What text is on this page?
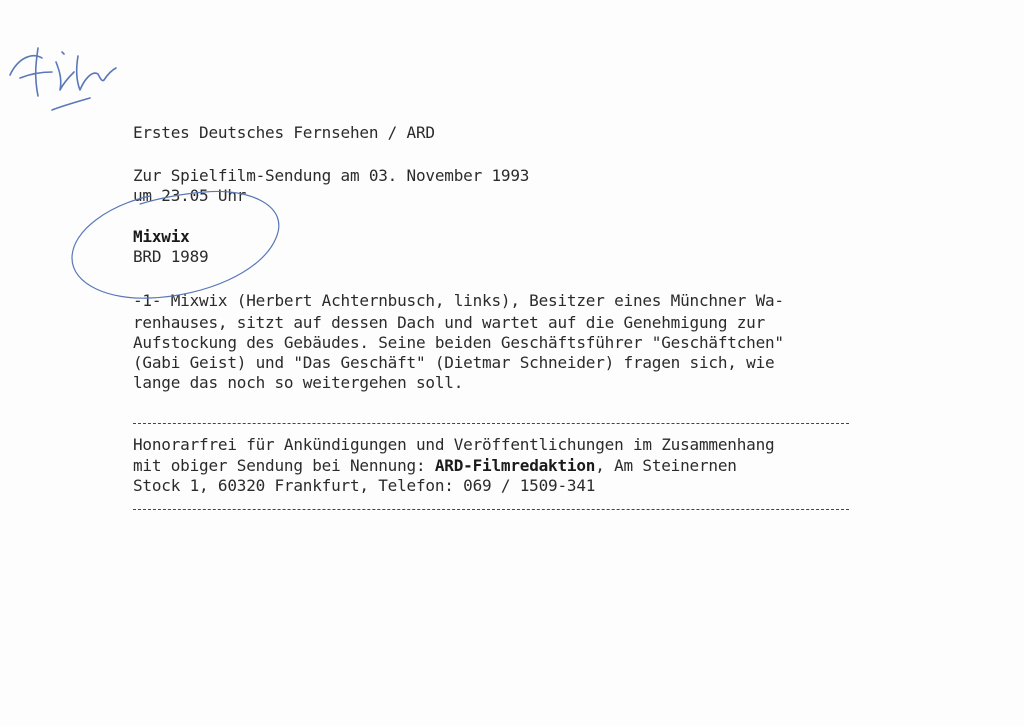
Erstes Deutsches Fernsehen / ARD
Zur Spielfilm-Sendung am 03. November 1993
um 23.05 Uhr
Mixwix
BRD 1989
-1- Mixwix (Herbert Achternbusch, links), Besitzer eines Münchner Wa-
renhauses, sitzt auf dessen Dach und wartet auf die Genehmigung zur
Aufstockung des Gebäudes. Seine beiden Geschäftsführer "Geschäftchen"
(Gabi Geist) und "Das Geschäft" (Dietmar Schneider) fragen sich, wie
lange das noch so weitergehen soll.
Honorarfrei für Ankündigungen und Veröffentlichungen im Zusammenhang
mit obiger Sendung bei Nennung: ARD-Filmredaktion, Am Steinernen
Stock 1, 60320 Frankfurt, Telefon: 069 / 1509-341
